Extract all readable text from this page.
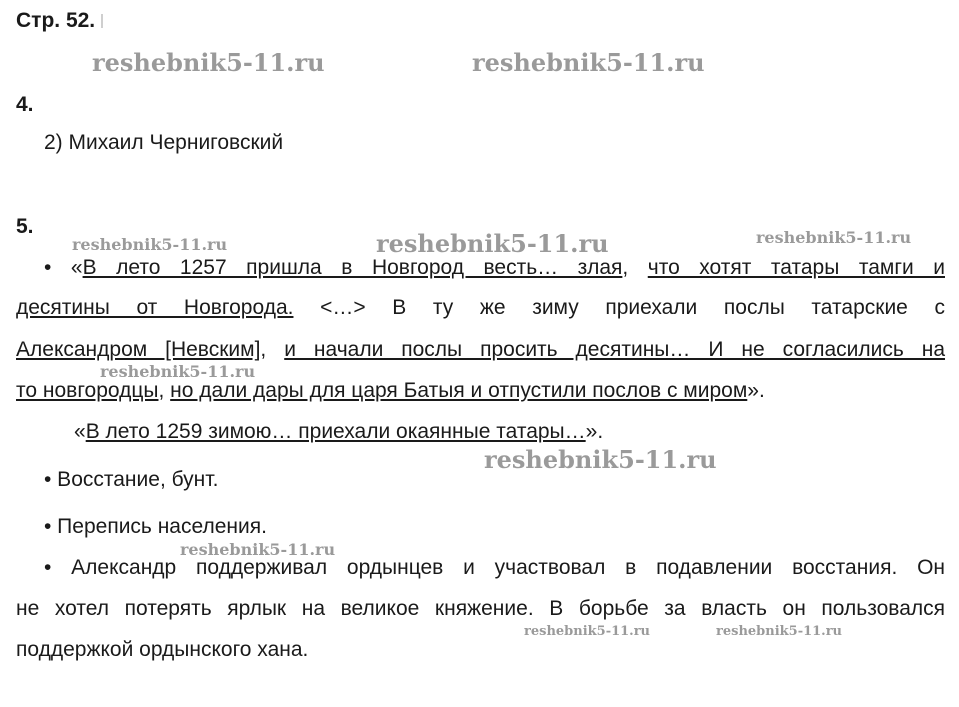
Стр. 52.
reshebnik5-11.ru	reshebnik5-11.ru
4.
2) Михаил Черниговский
5.
reshebnik5-11.ru	reshebnik5-11.ru	reshebnik5-11.ru
• «В лето 1257 пришла в Новгород весть… злая, что хотят татары тамги и
десятины от Новгорода. <…> В ту же зиму приехали послы татарские с
Александром [Невским], и начали послы просить десятины… И не согласились на
reshebnik5-11.ru
то новгородцы, но дали дары для царя Батыя и отпустили послов с миром».
«В лето 1259 зимою… приехали окаянные татары…».
reshebnik5-11.ru
• Восстание, бунт.
• Перепись населения.
reshebnik5-11.ru
• Александр поддерживал ордынцев и участвовал в подавлении восстания. Он
не хотел потерять ярлык на великое княжение. В борьбе за власть он пользовался
reshebnik5-11.ru	reshebnik5-11.ru
поддержкой ордынского хана.
